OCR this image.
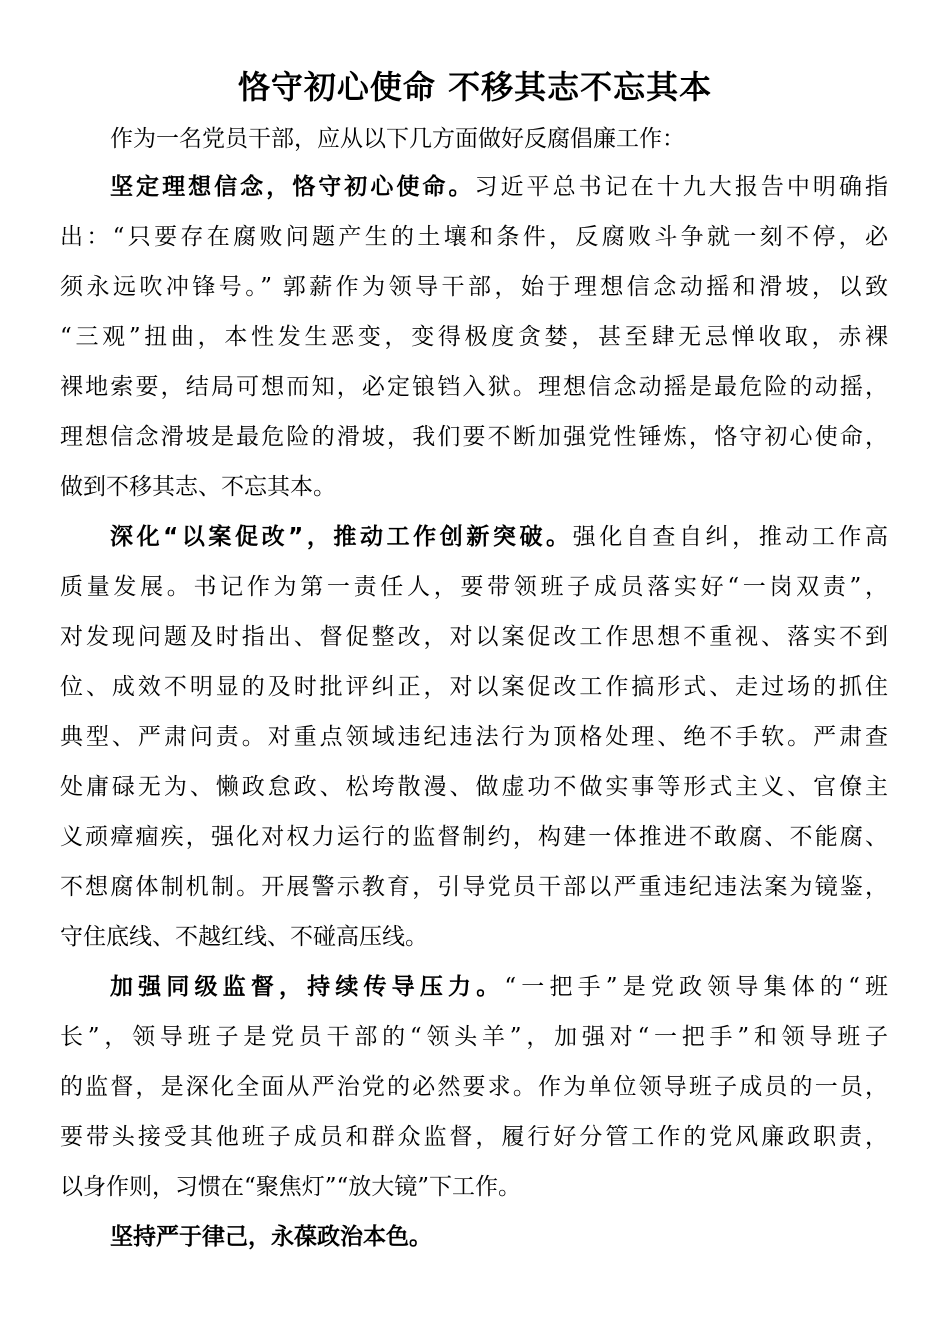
恪守初心使命 不移其志不忘其本
作为一名党员干部，应从以下几方面做好反腐倡廉工作：
坚定理想信念，恪守初心使命。习近平总书记在十九大报告中明确指
出：“只要存在腐败问题产生的土壤和条件，反腐败斗争就一刻不停，必
须永远吹冲锋号。” 郭薪作为领导干部，始于理想信念动摇和滑坡，以致
“三观”扭曲，本性发生恶变，变得极度贪婪，甚至肆无忌惮收取，赤裸
裸地索要，结局可想而知，必定锒铛入狱。理想信念动摇是最危险的动摇，
理想信念滑坡是最危险的滑坡，我们要不断加强党性锤炼，恪守初心使命，
做到不移其志、不忘其本。
深化“以案促改”，推动工作创新突破。强化自查自纠，推动工作高
质量发展。书记作为第一责任人，要带领班子成员落实好“一岗双责”，
对发现问题及时指出、督促整改，对以案促改工作思想不重视、落实不到
位、成效不明显的及时批评纠正，对以案促改工作搞形式、走过场的抓住
典型、严肃问责。对重点领域违纪违法行为顶格处理、绝不手软。严肃查
处庸碌无为、懒政怠政、松垮散漫、做虚功不做实事等形式主义、官僚主
义顽瘴痼疾，强化对权力运行的监督制约，构建一体推进不敢腐、不能腐、
不想腐体制机制。开展警示教育，引导党员干部以严重违纪违法案为镜鉴，
守住底线、不越红线、不碰高压线。
加强同级监督，持续传导压力。“一把手”是党政领导集体的“班
长”，领导班子是党员干部的“领头羊”，加强对“一把手”和领导班子
的监督，是深化全面从严治党的必然要求。作为单位领导班子成员的一员，
要带头接受其他班子成员和群众监督，履行好分管工作的党风廉政职责，
以身作则，习惯在“聚焦灯”“放大镜”下工作。
坚持严于律己，永葆政治本色。
